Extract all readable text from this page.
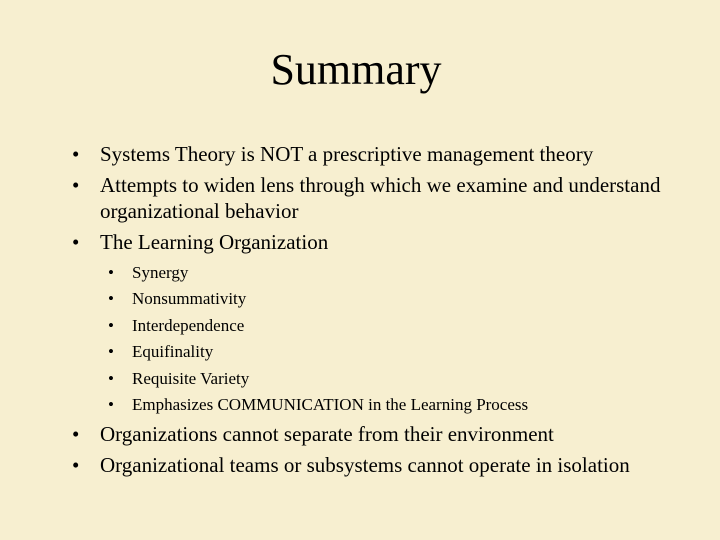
Summary
• Systems Theory is NOT a prescriptive management theory
• Attempts to widen lens through which we examine and understand organizational behavior
• The Learning Organization
• Synergy
• Nonsummativity
• Interdependence
• Equifinality
• Requisite Variety
• Emphasizes COMMUNICATION in the Learning Process
• Organizations cannot separate from their environment
• Organizational teams or subsystems cannot operate in isolation
